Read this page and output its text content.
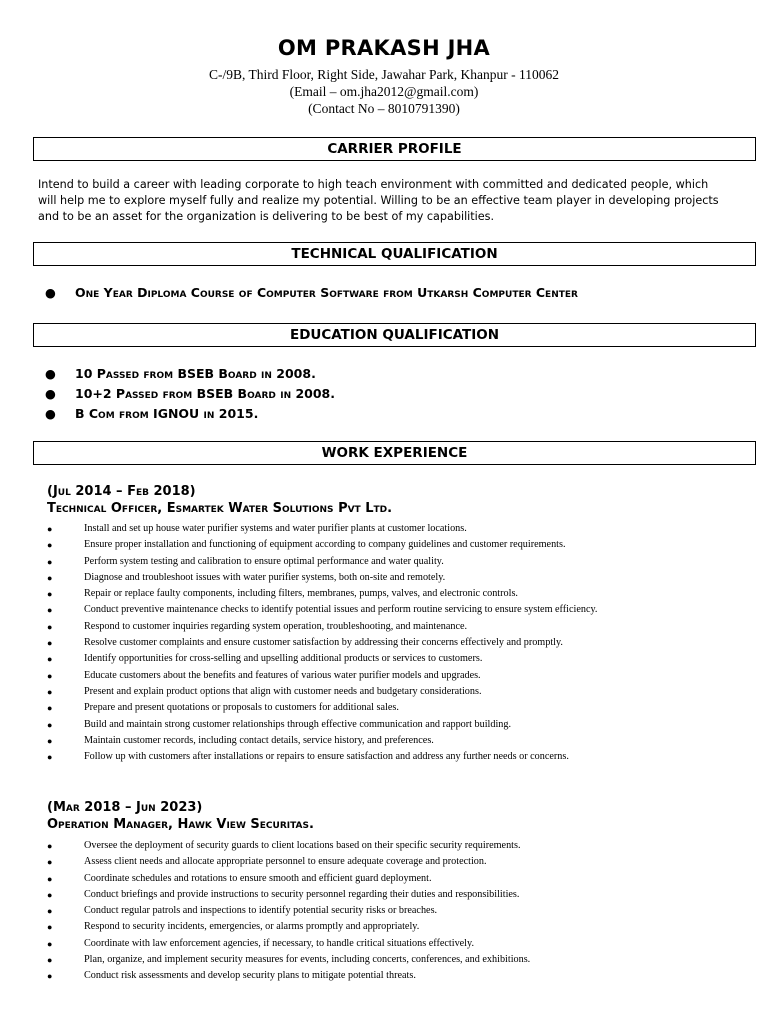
OM PRAKASH JHA
C-/9B, Third Floor, Right Side, Jawahar Park, Khanpur - 110062
(Email – om.jha2012@gmail.com)
(Contact No – 8010791390)
CARRIER PROFILE
Intend to build a career with leading corporate to high teach environment with committed and dedicated people, which will help me to explore myself fully and realize my potential. Willing to be an effective team player in developing projects and to be an asset for the organization is delivering to be best of my capabilities.
TECHNICAL QUALIFICATION
● One Year Diploma Course of Computer Software from Utkarsh Computer Center
EDUCATION QUALIFICATION
● 10 Passed from BSEB Board in 2008.
● 10+2 Passed from BSEB Board in 2008.
● B Com from IGNOU in 2015.
WORK EXPERIENCE
(Jul 2014 – Feb 2018)
Technical Officer, Esmartek Water Solutions Pvt Ltd.
●	Install and set up house water purifier systems and water purifier plants at customer locations.
●	Ensure proper installation and functioning of equipment according to company guidelines and customer requirements.
●	Perform system testing and calibration to ensure optimal performance and water quality.
●	Diagnose and troubleshoot issues with water purifier systems, both on-site and remotely.
●	Repair or replace faulty components, including filters, membranes, pumps, valves, and electronic controls.
●	Conduct preventive maintenance checks to identify potential issues and perform routine servicing to ensure system efficiency.
●	Respond to customer inquiries regarding system operation, troubleshooting, and maintenance.
●	Resolve customer complaints and ensure customer satisfaction by addressing their concerns effectively and promptly.
●	Identify opportunities for cross-selling and upselling additional products or services to customers.
●	Educate customers about the benefits and features of various water purifier models and upgrades.
●	Present and explain product options that align with customer needs and budgetary considerations.
●	Prepare and present quotations or proposals to customers for additional sales.
●	Build and maintain strong customer relationships through effective communication and rapport building.
●	Maintain customer records, including contact details, service history, and preferences.
●	Follow up with customers after installations or repairs to ensure satisfaction and address any further needs or concerns.
(Mar 2018 – Jun 2023)
Operation Manager, Hawk View Securitas.
●	Oversee the deployment of security guards to client locations based on their specific security requirements.
●	Assess client needs and allocate appropriate personnel to ensure adequate coverage and protection.
●	Coordinate schedules and rotations to ensure smooth and efficient guard deployment.
●	Conduct briefings and provide instructions to security personnel regarding their duties and responsibilities.
●	Conduct regular patrols and inspections to identify potential security risks or breaches.
●	Respond to security incidents, emergencies, or alarms promptly and appropriately.
●	Coordinate with law enforcement agencies, if necessary, to handle critical situations effectively.
●	Plan, organize, and implement security measures for events, including concerts, conferences, and exhibitions.
●	Conduct risk assessments and develop security plans to mitigate potential threats.
